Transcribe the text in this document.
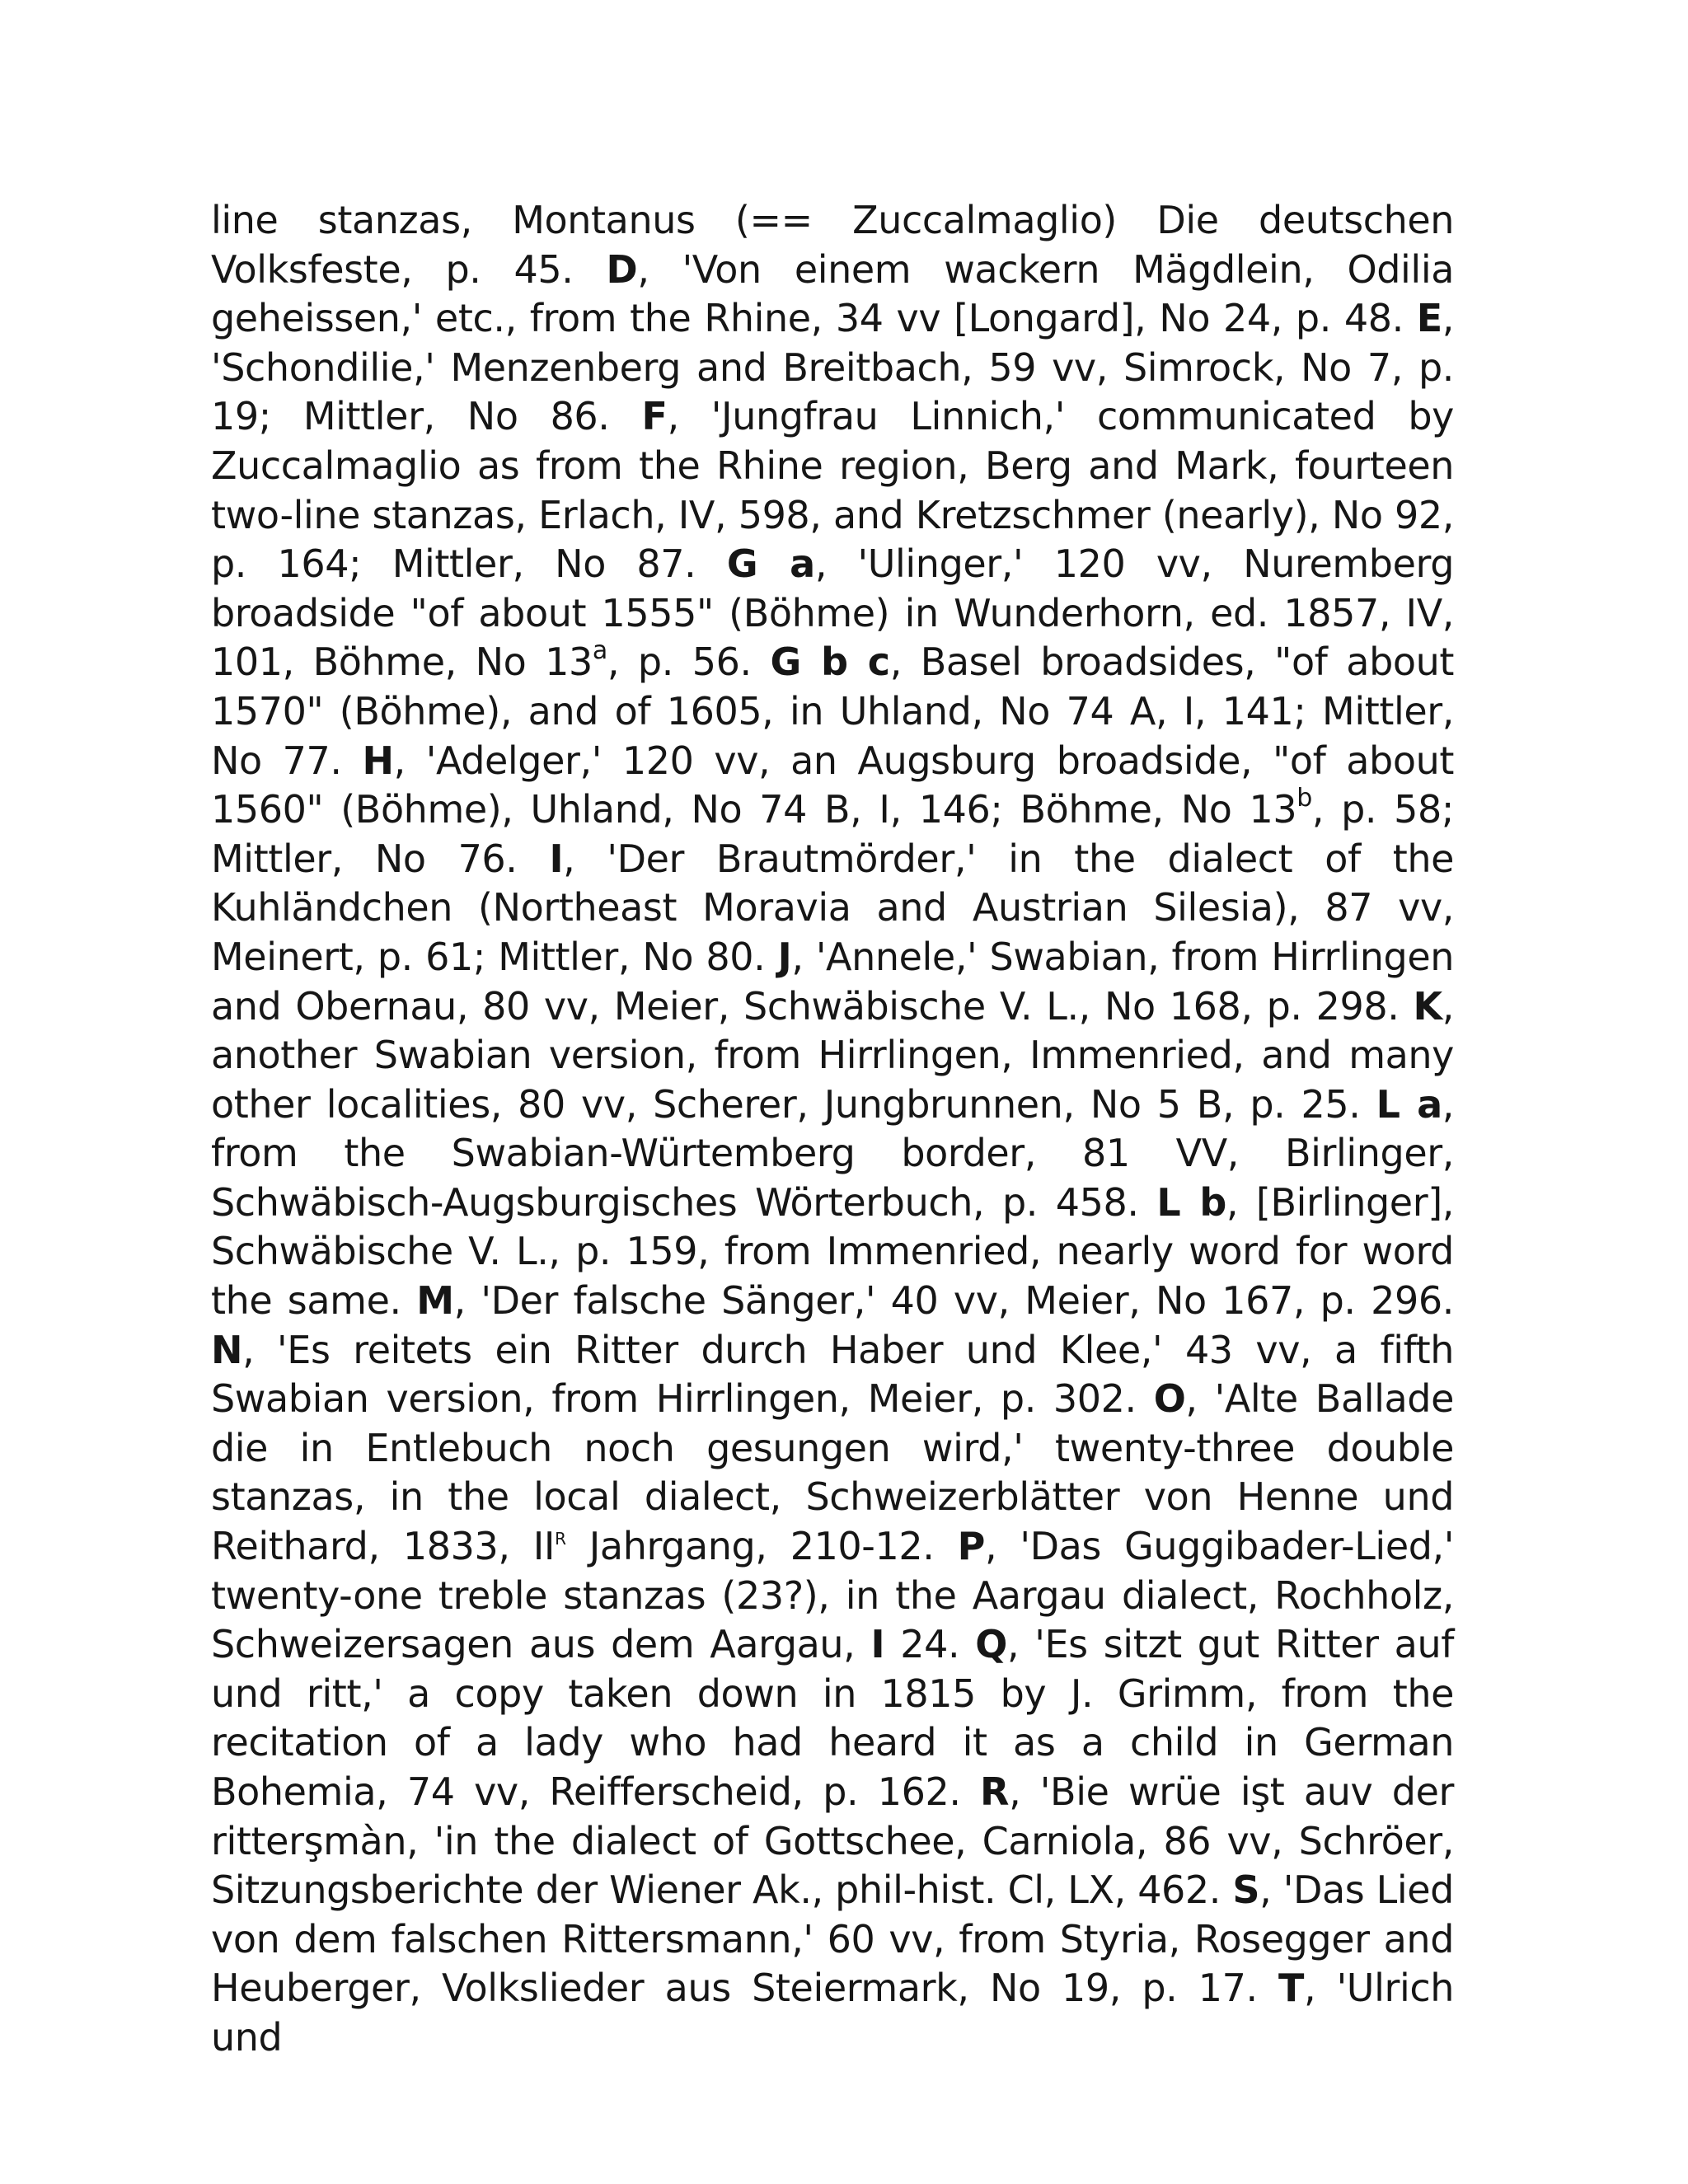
line stanzas, Montanus (== Zuccalmaglio) Die deutschen Volksfeste, p. 45. D, 'Von einem wackern Mägdlein, Odilia geheissen,' etc., from the Rhine, 34 vv [Longard], No 24, p. 48. E, 'Schondilie,' Menzenberg and Breitbach, 59 vv, Simrock, No 7, p. 19; Mittler, No 86. F, 'Jungfrau Linnich,' communicated by Zuccalmaglio as from the Rhine region, Berg and Mark, fourteen two-line stanzas, Erlach, IV, 598, and Kretzschmer (nearly), No 92, p. 164; Mittler, No 87. G a, 'Ulinger,' 120 vv, Nuremberg broadside "of about 1555" (Böhme) in Wunderhorn, ed. 1857, IV, 101, Böhme, No 13$^a$, p. 56. G b c, Basel broadsides, "of about 1570" (Böhme), and of 1605, in Uhland, No 74 A, I, 141; Mittler, No 77. H, 'Adelger,' 120 vv, an Augsburg broadside, "of about 1560" (Böhme), Uhland, No 74 B, I, 146; Böhme, No 13$^b$, p. 58; Mittler, No 76. I, 'Der Brautmörder,' in the dialect of the Kuhländchen (Northeast Moravia and Austrian Silesia), 87 vv, Meinert, p. 61; Mittler, No 80. J, 'Annele,' Swabian, from Hirrlingen and Obernau, 80 vv, Meier, Schwäbische V. L., No 168, p. 298. K, another Swabian version, from Hirrlingen, Immenried, and many other localities, 80 vv, Scherer, Jungbrunnen, No 5 B, p. 25. L a, from the Swabian-Würtemberg border, 81 VV, Birlinger, Schwäbisch-Augsburgisches Wörterbuch, p. 458. L b, [Birlinger], Schwäbische V. L., p. 159, from Immenried, nearly word for word the same. M, 'Der falsche Sänger,' 40 vv, Meier, No 167, p. 296. N, 'Es reitets ein Ritter durch Haber und Klee,' 43 vv, a fifth Swabian version, from Hirrlingen, Meier, p. 302. O, 'Alte Ballade die in Entlebuch noch gesungen wird,' twenty-three double stanzas, in the local dialect, Schweizerblätter von Henne und Reithard, 1833, $II^R$ Jahrgang, 210-12. P, 'Das Guggibader-Lied,' twenty-one treble stanzas (23?), in the Aargau dialect, Rochholz, Schweizersagen aus dem Aargau, I 24. Q, 'Es sitzt gut Ritter auf und ritt,' a copy taken down in 1815 by J. Grimm, from the recitation of a lady who had heard it as a child in German Bohemia, 74 vv, Reifferscheid, p. 162. R, 'Bie wrüe işt auv der ritterşmàn, 'in the dialect of Gottschee, Carniola, 86 vv, Schröer, Sitzungsberichte der Wiener Ak., phil-hist. Cl, LX, 462. S, 'Das Lied von dem falschen Rittersmann,' 60 vv, from Styria, Rosegger and Heuberger, Volkslieder aus Steiermark, No 19, p. 17. T, 'Ulrich und
